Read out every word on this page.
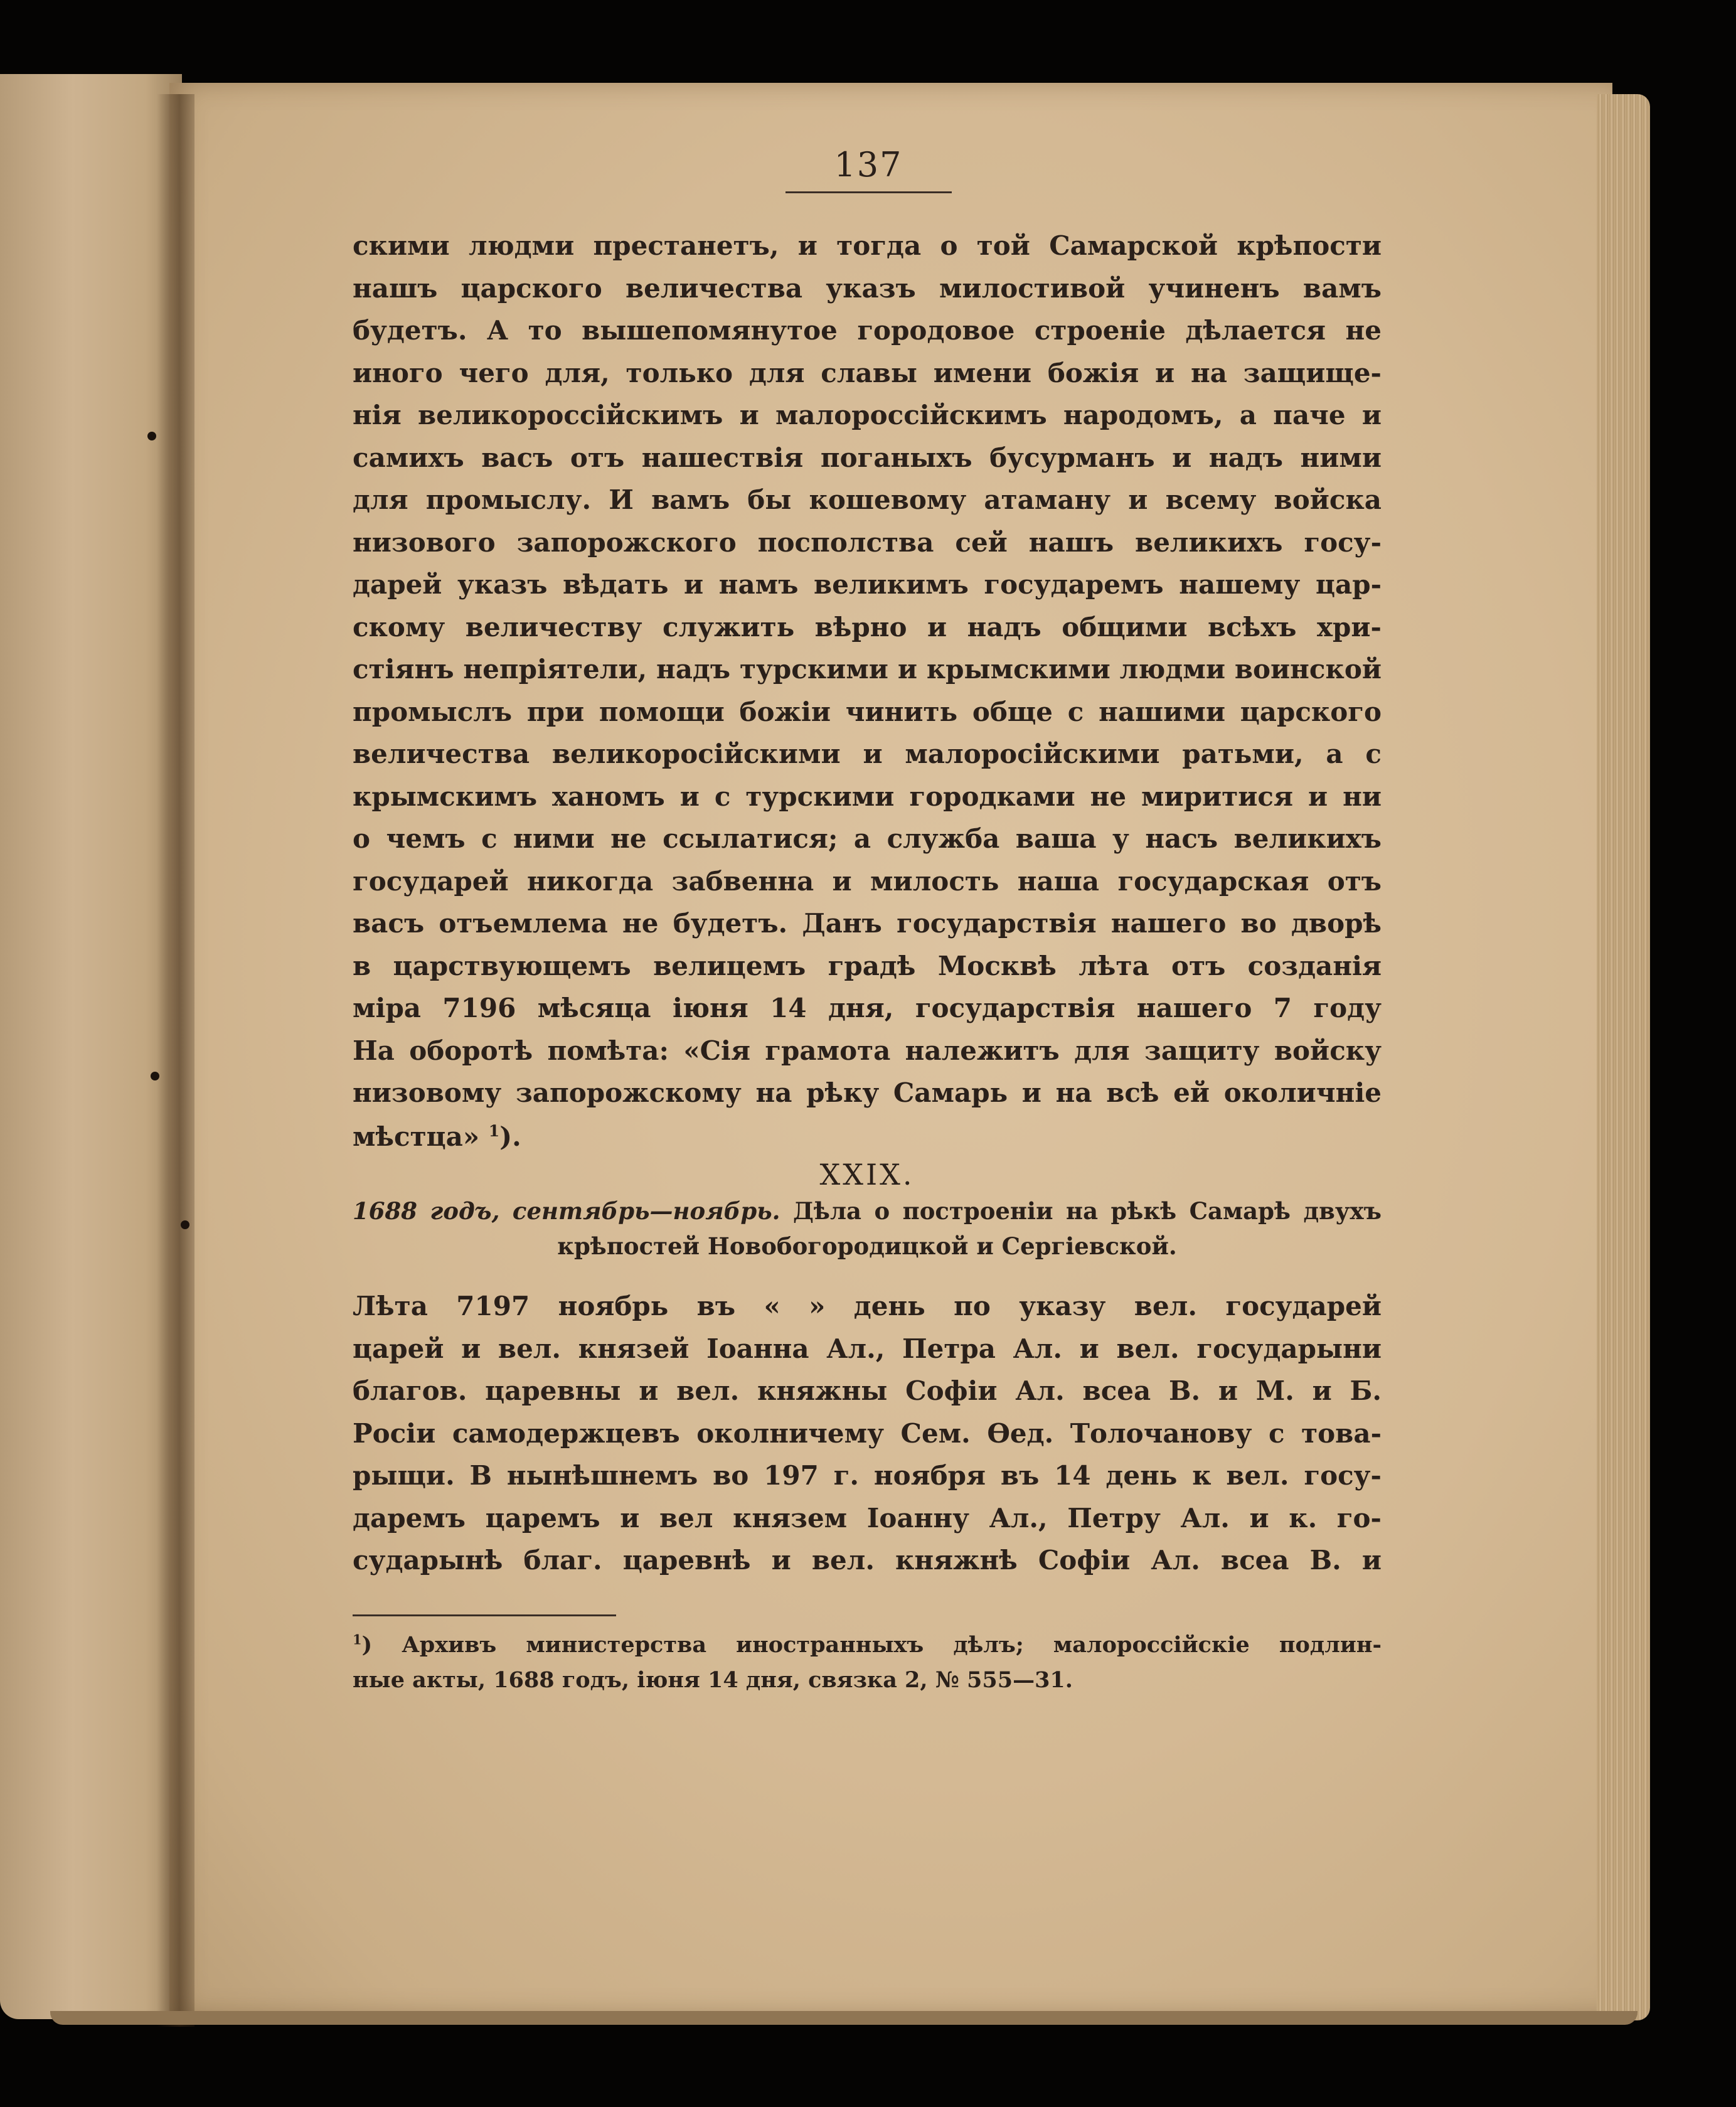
137
скими людми престанетъ, и тогда о той Самарской крѣпости
нашъ царского величества указъ милостивой учиненъ вамъ
будетъ. А то вышепомянутое городовое строеніе дѣлается не
иного чего для, только для славы имени божія и на защище-
нія великороссійскимъ и малороссійскимъ народомъ, а паче и
самихъ васъ отъ нашествія поганыхъ бусурманъ и надъ ними
для промыслу. И вамъ бы кошевому атаману и всему войска
низового запорожского посполства сей нашъ великихъ госу-
дарей указъ вѣдать и намъ великимъ государемъ нашему цар-
скому величеству служить вѣрно и надъ общими всѣхъ хри-
стіянъ непріятели, надъ турскими и крымскими людми воинской
промыслъ при помощи божіи чинить обще с нашими царского
величества великоросійскими и малоросійскими ратьми, а с
крымскимъ ханомъ и с турскими городками не миритися и ни
о чемъ с ними не ссылатися; а служба ваша у насъ великихъ
государей никогда забвенна и милость наша государская отъ
васъ отъемлема не будетъ. Данъ государствія нашего во дворѣ
в царствующемъ велицемъ градѣ Москвѣ лѣта отъ созданія
міра 7196 мѣсяца іюня 14 дня, государствія нашего 7 году
На оборотѣ помѣта: «Сія грамота належитъ для защиту войску
низовому запорожскому на рѣку Самарь и на всѣ ей околичніе
мѣстца» $^1$).
XXIX.
1688 годъ, сентябрь—ноябрь. Дѣла о построеніи на рѣкѣ Самарѣ двухъ
крѣпостей Новобогородицкой и Сергіевской.
Лѣта 7197 ноябрь въ « » день по указу вел. государей
царей и вел. князей Іоанна Ал., Петра Ал. и вел. государыни
благов. царевны и вел. княжны Софіи Ал. всеа В. и М. и Б.
Росіи самодержцевъ околничему Сем. Ѳед. Толочанову с това-
рыщи. В нынѣшнемъ во 197 г. ноября въ 14 день к вел. госу-
даремъ царемъ и вел князем Іоанну Ал., Петру Ал. и к. го-
сударынѣ благ. царевнѣ и вел. княжнѣ Софіи Ал. всеа В. и
$^1$) Архивъ министерства иностранныхъ дѣлъ; малороссійскіе подлин-
ные акты, 1688 годъ, іюня 14 дня, связка 2, № 555—31.
